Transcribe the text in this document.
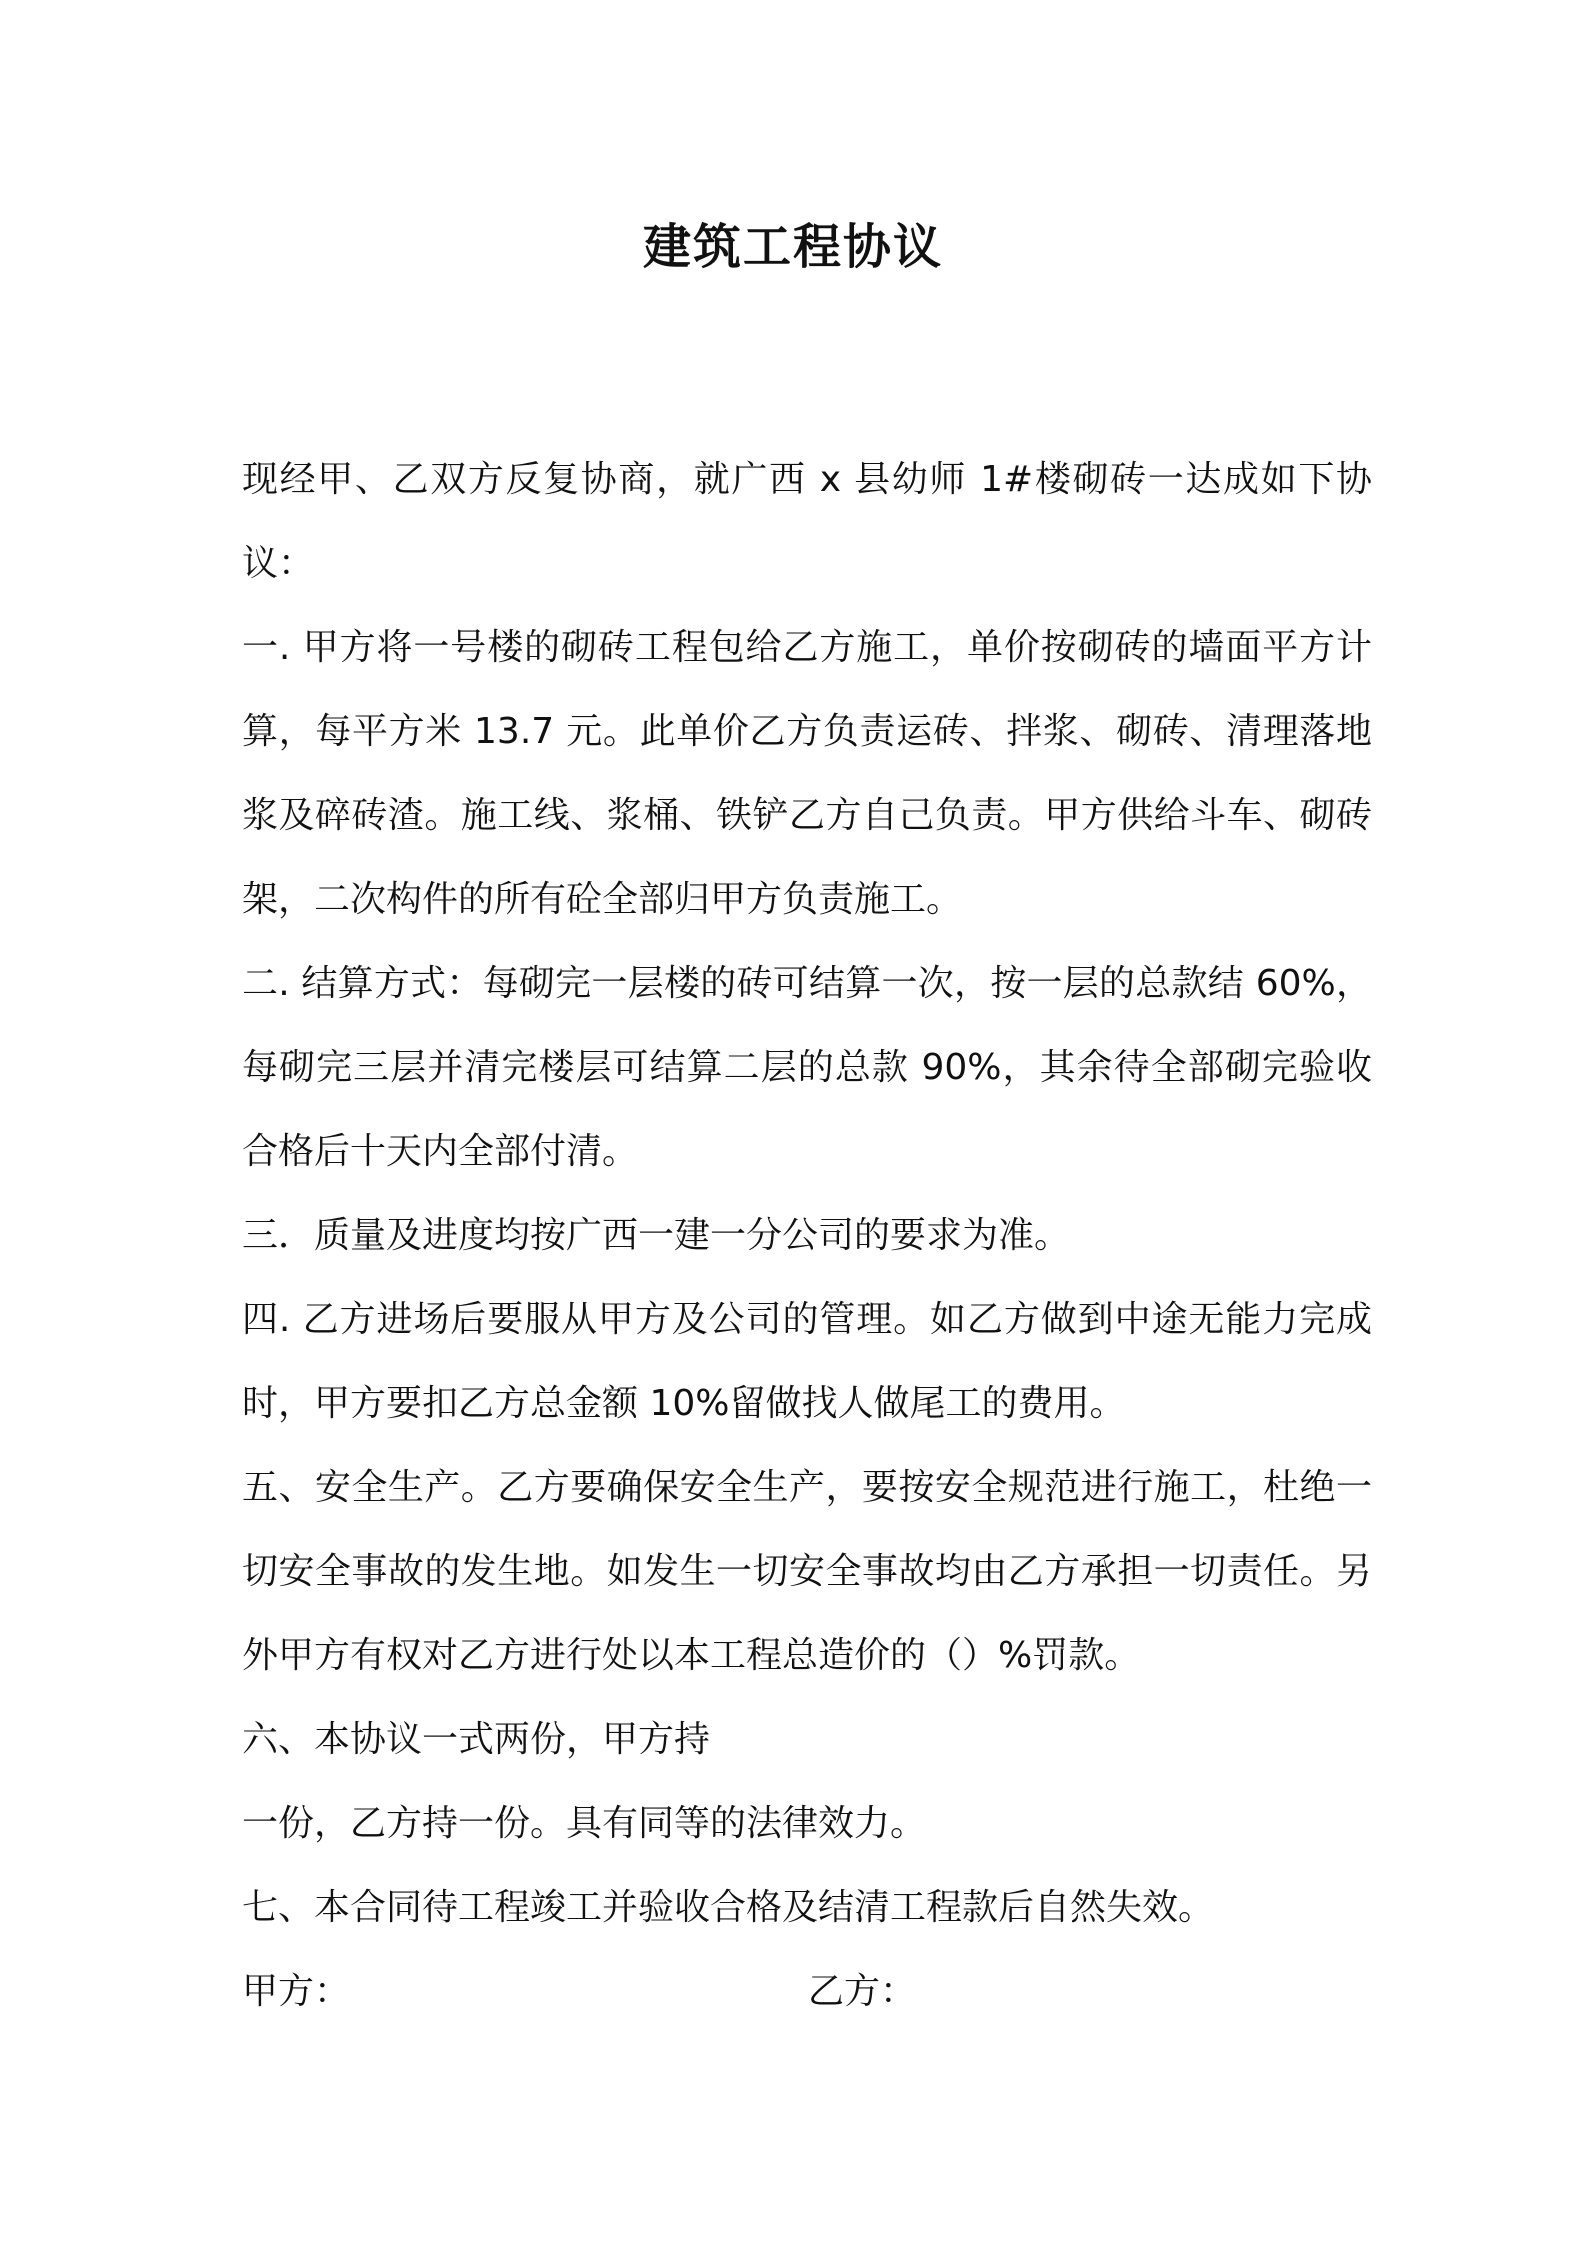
建筑工程协议

现经甲、乙双方反复协商，就广西 x 县幼师 1#楼砌砖一达成如下协议：

一. 甲方将一号楼的砌砖工程包给乙方施工，单价按砌砖的墙面平方计算，每平方米 13.7 元。此单价乙方负责运砖、拌浆、砌砖、清理落地浆及碎砖渣。施工线、浆桶、铁铲乙方自己负责。甲方供给斗车、砌砖架，二次构件的所有砼全部归甲方负责施工。

二. 结算方式：每砌完一层楼的砖可结算一次，按一层的总款结 60%，每砌完三层并清完楼层可结算二层的总款 90%，其余待全部砌完验收合格后十天内全部付清。

三．质量及进度均按广西一建一分公司的要求为准。

四. 乙方进场后要服从甲方及公司的管理。如乙方做到中途无能力完成时，甲方要扣乙方总金额 10%留做找人做尾工的费用。

五、安全生产。乙方要确保安全生产，要按安全规范进行施工，杜绝一切安全事故的发生地。如发生一切安全事故均由乙方承担一切责任。另外甲方有权对乙方进行处以本工程总造价的（）%罚款。

六、本协议一式两份，甲方持

一份，乙方持一份。具有同等的法律效力。

七、本合同待工程竣工并验收合格及结清工程款后自然失效。

甲方：	乙方：
